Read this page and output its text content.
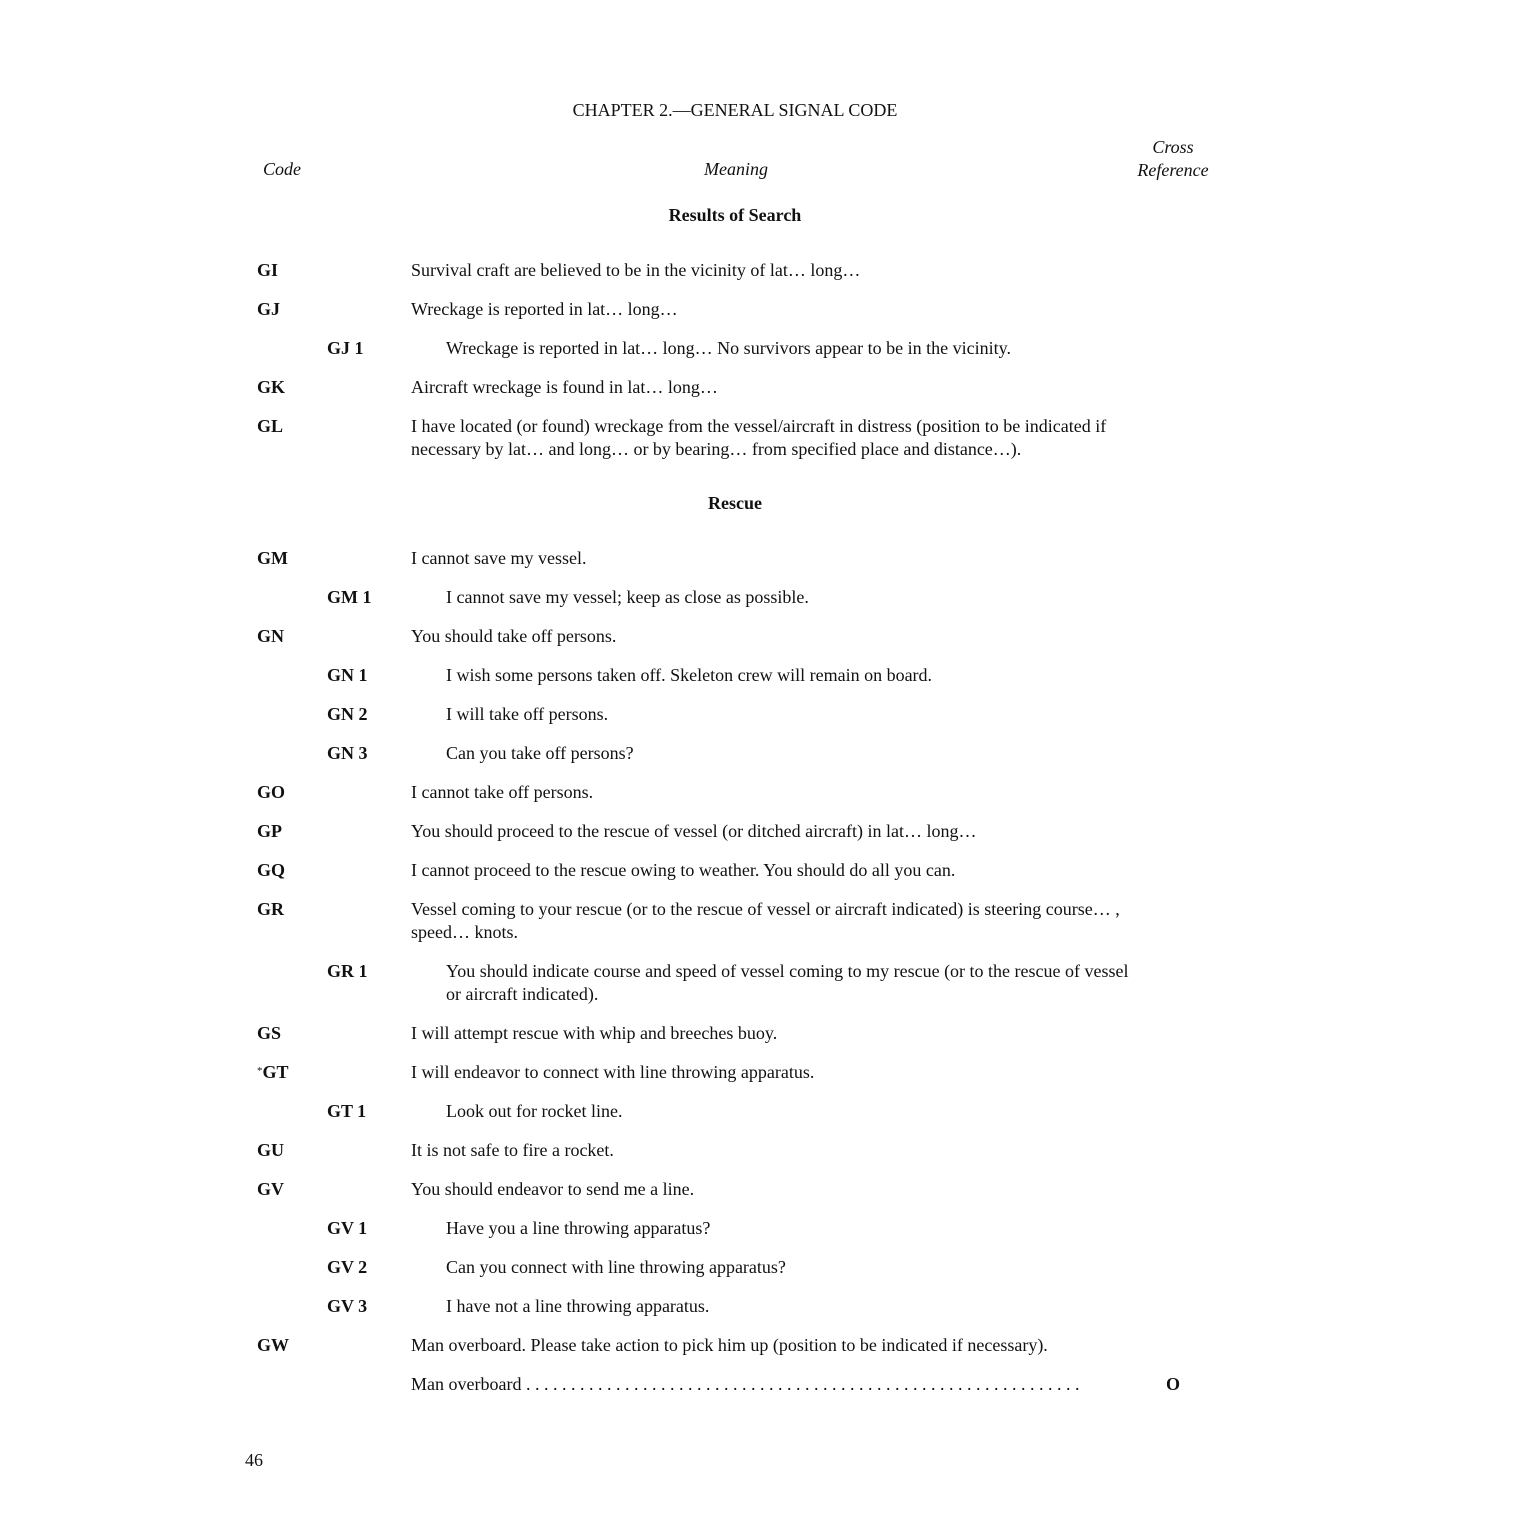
CHAPTER 2.—GENERAL SIGNAL CODE
Code	Meaning
Cross
Reference
Results of Search
GI	Survival craft are believed to be in the vicinity of lat… long…
GJ	Wreckage is reported in lat… long…
GJ 1	Wreckage is reported in lat… long… No survivors appear to be in the vicinity.
GK	Aircraft wreckage is found in lat… long…
GL	I have located (or found) wreckage from the vessel/aircraft in distress (position to be indicated if necessary by lat… and long… or by bearing… from specified place and distance…).
Rescue
GM	I cannot save my vessel.
GM 1	I cannot save my vessel; keep as close as possible.
GN	You should take off persons.
GN 1	I wish some persons taken off. Skeleton crew will remain on board.
GN 2	I will take off persons.
GN 3	Can you take off persons?
GO	I cannot take off persons.
GP	You should proceed to the rescue of vessel (or ditched aircraft) in lat… long…
GQ	I cannot proceed to the rescue owing to weather. You should do all you can.
GR	Vessel coming to your rescue (or to the rescue of vessel or aircraft indicated) is steering course… , speed… knots.
GR 1	You should indicate course and speed of vessel coming to my rescue (or to the rescue of vessel or aircraft indicated).
GS	I will attempt rescue with whip and breeches buoy.
*GT	I will endeavor to connect with line throwing apparatus.
GT 1	Look out for rocket line.
GU	It is not safe to fire a rocket.
GV	You should endeavor to send me a line.
GV 1	Have you a line throwing apparatus?
GV 2	Can you connect with line throwing apparatus?
GV 3	I have not a line throwing apparatus.
GW	Man overboard. Please take action to pick him up (position to be indicated if necessary).
Man overboard . . . . . . . . . . . . . . . . . . . . . . . . . . . . . . . . . . . . . . . . . . . . . . . . . . . . . . . . . . . . . .	O
46
